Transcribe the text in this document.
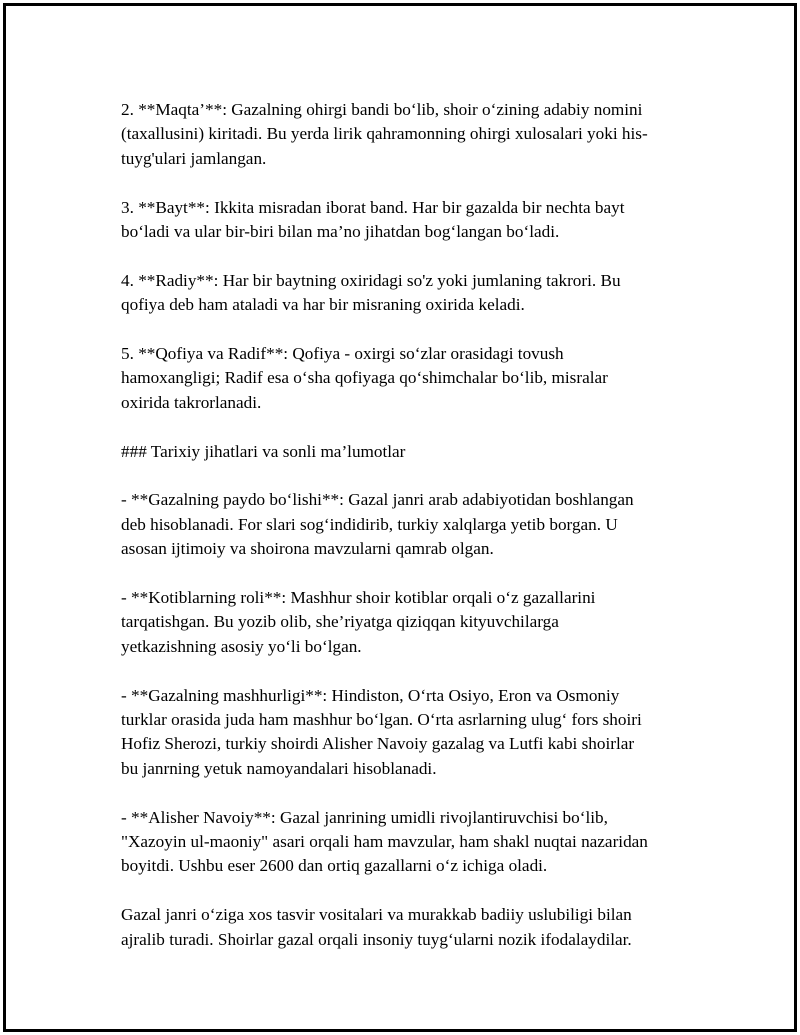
2. **Maqta’**: Gazalning ohirgi bandi bo‘lib, shoir o‘zining adabiy nomini
(taxallusini) kiritadi. Bu yerda lirik qahramonning ohirgi xulosalari yoki his-
tuyg'ulari jamlangan.

3. **Bayt**: Ikkita misradan iborat band. Har bir gazalda bir nechta bayt
bo‘ladi va ular bir-biri bilan ma’no jihatdan bog‘langan bo‘ladi.

4. **Radiy**: Har bir baytning oxiridagi so'z yoki jumlaning takrori. Bu
qofiya deb ham ataladi va har bir misraning oxirida keladi.

5. **Qofiya va Radif**: Qofiya - oxirgi so‘zlar orasidagi tovush
hamoxangligi; Radif esa o‘sha qofiyaga qo‘shimchalar bo‘lib, misralar
oxirida takrorlanadi.

### Tarixiy jihatlari va sonli ma’lumotlar

- **Gazalning paydo bo‘lishi**: Gazal janri arab adabiyotidan boshlangan
deb hisoblanadi. For slari sog‘indidirib, turkiy xalqlarga yetib borgan. U
asosan ijtimoiy va shoirona mavzularni qamrab olgan.

- **Kotiblarning roli**: Mashhur shoir kotiblar orqali o‘z gazallarini
tarqatishgan. Bu yozib olib, she’riyatga qiziqqan kityuvchilarga
yetkazishning asosiy yo‘li bo‘lgan.

- **Gazalning mashhurligi**: Hindiston, O‘rta Osiyo, Eron va Osmoniy
turklar orasida juda ham mashhur bo‘lgan. O‘rta asrlarning ulug‘ fors shoiri
Hofiz Sherozi, turkiy shoirdi Alisher Navoiy gazalag va Lutfi kabi shoirlar
bu janrning yetuk namoyandalari hisoblanadi.

- **Alisher Navoiy**: Gazal janrining umidli rivojlantiruvchisi bo‘lib,
"Xazoyin ul-maoniy" asari orqali ham mavzular, ham shakl nuqtai nazaridan
boyitdi. Ushbu eser 2600 dan ortiq gazallarni o‘z ichiga oladi.

Gazal janri o‘ziga xos tasvir vositalari va murakkab badiiy uslubiligi bilan
ajralib turadi. Shoirlar gazal orqali insoniy tuyg‘ularni nozik ifodalaydilar.
